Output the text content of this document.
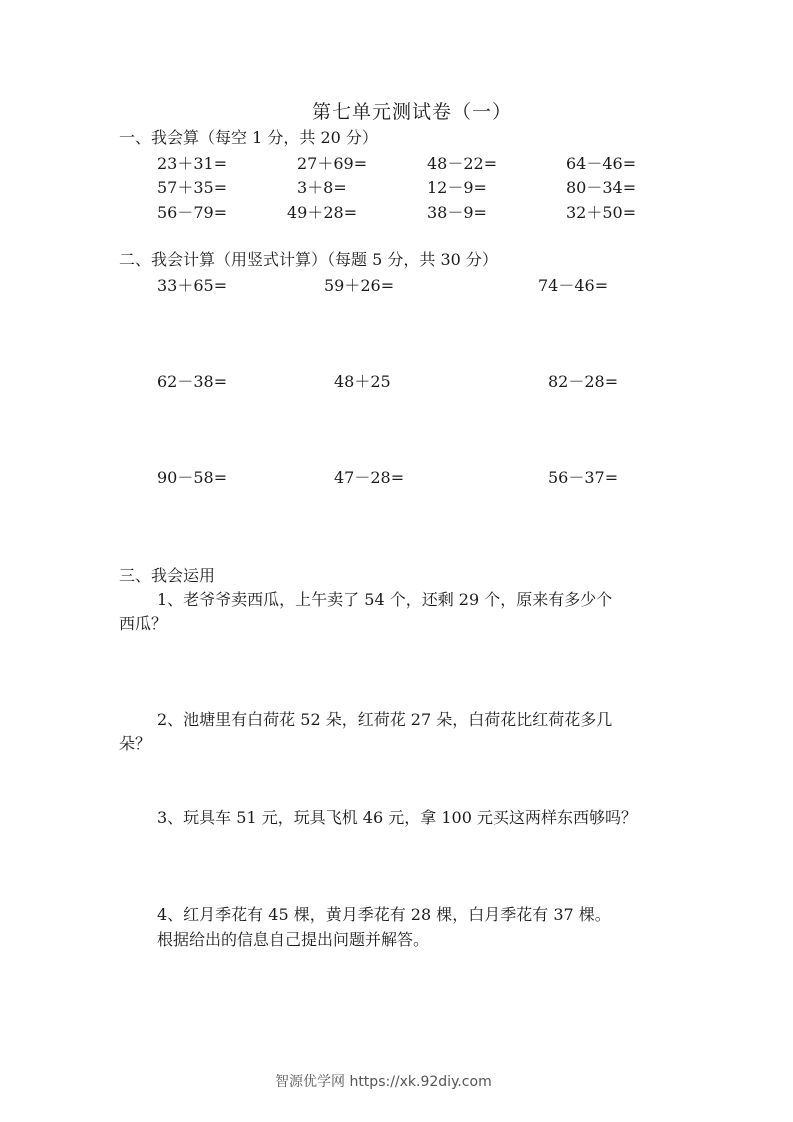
第七单元测试卷（一）
一、我会算（每空 1 分，共 20 分）
23＋31=	27＋69=	48－22=	64－46=
57＋35=	3＋8=	12－9=	80－34=
56－79=	49＋28=	38－9=	32＋50=
二、我会计算（用竖式计算）（每题 5 分，共 30 分）
33＋65=	59＋26=	74－46=
62－38=	48＋25	82－28=
90－58=	47－28=	56－37=
三、我会运用
1、老爷爷卖西瓜，上午卖了 54 个，还剩 29 个，原来有多少个
西瓜？
2、池塘里有白荷花 52 朵，红荷花 27 朵，白荷花比红荷花多几
朵？
3、玩具车 51 元，玩具飞机 46 元，拿 100 元买这两样东西够吗？
4、红月季花有 45 棵，黄月季花有 28 棵，白月季花有 37 棵。
根据给出的信息自己提出问题并解答。
智源优学网 https://xk.92diy.com
